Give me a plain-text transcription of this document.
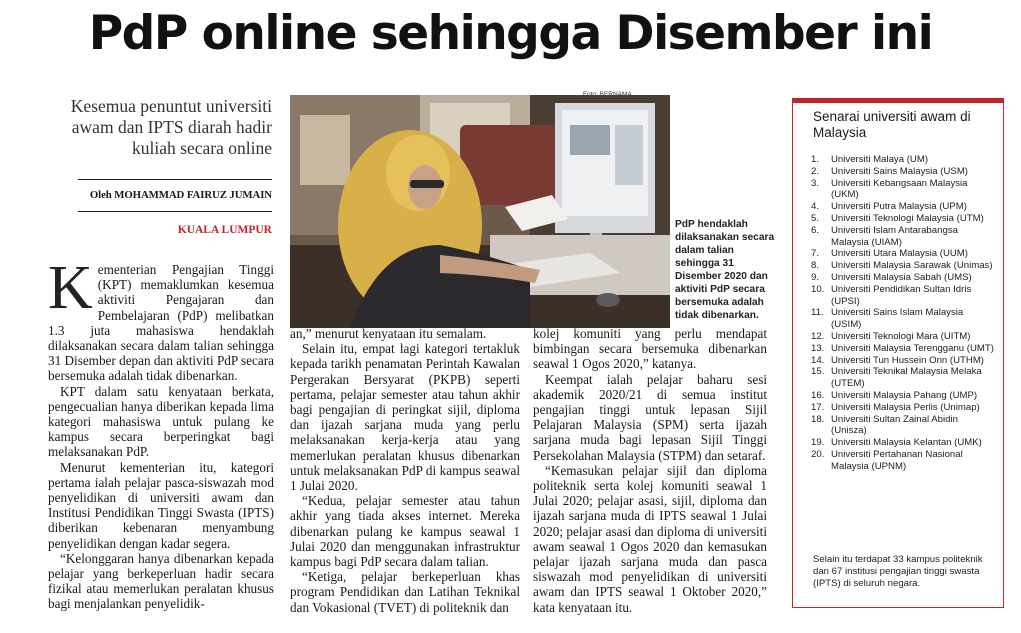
PdP online sehingga Disember ini
Kesemua penuntut universiti awam dan IPTS diarah hadir kuliah secara online
Oleh MOHAMMAD FAIRUZ JUMAIN
KUALA LUMPUR	PdP hendaklah dilaksanakan secara dalam talian sehingga 31 Disember 2020 dan aktiviti PdP secara bersemuka adalah tidak dibenarkan.

Kementerian Pengajian Tinggi (KPT) memaklumkan kesemua aktiviti Pengajaran dan Pembelajaran (PdP) melibatkan 1.3 juta mahasiswa hendaklah dilaksanakan secara dalam talian sehingga 31 Disember depan dan aktiviti PdP secara bersemuka adalah tidak dibenarkan.

KPT dalam satu kenyataan berkata, pengecualian hanya diberikan kepada lima kategori mahasiswa untuk pulang ke kampus secara berperingkat bagi melaksanakan PdP.

Menurut kementerian itu, kategori pertama ialah pelajar pasca-siswazah mod penyelidikan di universiti awam dan Institusi Pendidikan Tinggi Swasta (IPTS) diberikan kebenaran menyambung penyelidikan dengan kadar segera.

“Kelonggaran hanya dibenarkan kepada pelajar yang berkeperluan hadir secara fizikal atau memerlukan peralatan khusus bagi menjalankan penyelidik-

an,” menurut kenyataan itu semalam.

Selain itu, empat lagi kategori tertakluk kepada tarikh penamatan Perintah Kawalan Pergerakan Bersyarat (PKPB) seperti pertama, pelajar semester atau tahun akhir bagi pengajian di peringkat sijil, diploma dan ijazah sarjana muda yang perlu melaksanakan kerja-kerja atau yang memerlukan peralatan khusus dibenarkan untuk melaksanakan PdP di kampus seawal 1 Julai 2020.

“Kedua, pelajar semester atau tahun akhir yang tiada akses internet. Mereka dibenarkan pulang ke kampus seawal 1 Julai 2020 dan menggunakan infrastruktur kampus bagi PdP secara dalam talian.

“Ketiga, pelajar berkeperluan khas program Pendidikan dan Latihan Teknikal dan Vokasional (TVET) di politeknik dan

kolej komuniti yang perlu mendapat bimbingan secara bersemuka dibenarkan seawal 1 Ogos 2020,” katanya.

Keempat ialah pelajar baharu sesi akademik 2020/21 di semua institut pengajian tinggi untuk lepasan Sijil Pelajaran Malaysia (SPM) serta ijazah sarjana muda bagi lepasan Sijil Tinggi Persekolahan Malaysia (STPM) dan setaraf.

“Kemasukan pelajar sijil dan diploma politeknik serta kolej komuniti seawal 1 Julai 2020; pelajar asasi, sijil, diploma dan ijazah sarjana muda di IPTS seawal 1 Julai 2020; pelajar asasi dan diploma di universiti awam seawal 1 Ogos 2020 dan kemasukan pelajar ijazah sarjana muda dan pasca siswazah mod penyelidikan di universiti awam dan IPTS seawal 1 Oktober 2020,” kata kenyataan itu.

Senarai universiti awam di Malaysia
1.	Universiti Malaya (UM)
2.	Universiti Sains Malaysia (USM)
3.	Universiti Kebangsaan Malaysia (UKM)
4.	Universiti Putra Malaysia (UPM)
5.	Universiti Teknologi Malaysia (UTM)
6.	Universiti Islam Antarabangsa Malaysia (UIAM)
7.	Universiti Utara Malaysia (UUM)
8.	Universiti Malaysia Sarawak (Unimas)
9.	Universiti Malaysia Sabah (UMS)
10. Universiti Pendidikan Sultan Idris (UPSI)
11. Universiti Sains Islam Malaysia (USIM)
12. Universiti Teknologi Mara (UITM)
13. Universiti Malaysia Terengganu (UMT)
14. Universiti Tun Hussein Onn (UTHM)
15. Universiti Teknikal Malaysia Melaka (UTEM)
16. Universiti Malaysia Pahang (UMP)
17. Universiti Malaysia Perlis (Unimap)
18. Universiti Sultan Zainal Abidin (Unisza)
19. Universiti Malaysia Kelantan (UMK)
20. Universiti Pertahanan Nasional Malaysia (UPNM)
Selain itu terdapat 33 kampus politeknik dan 67 institusi pengajian tinggi swasta (IPTS) di seluruh negara.
